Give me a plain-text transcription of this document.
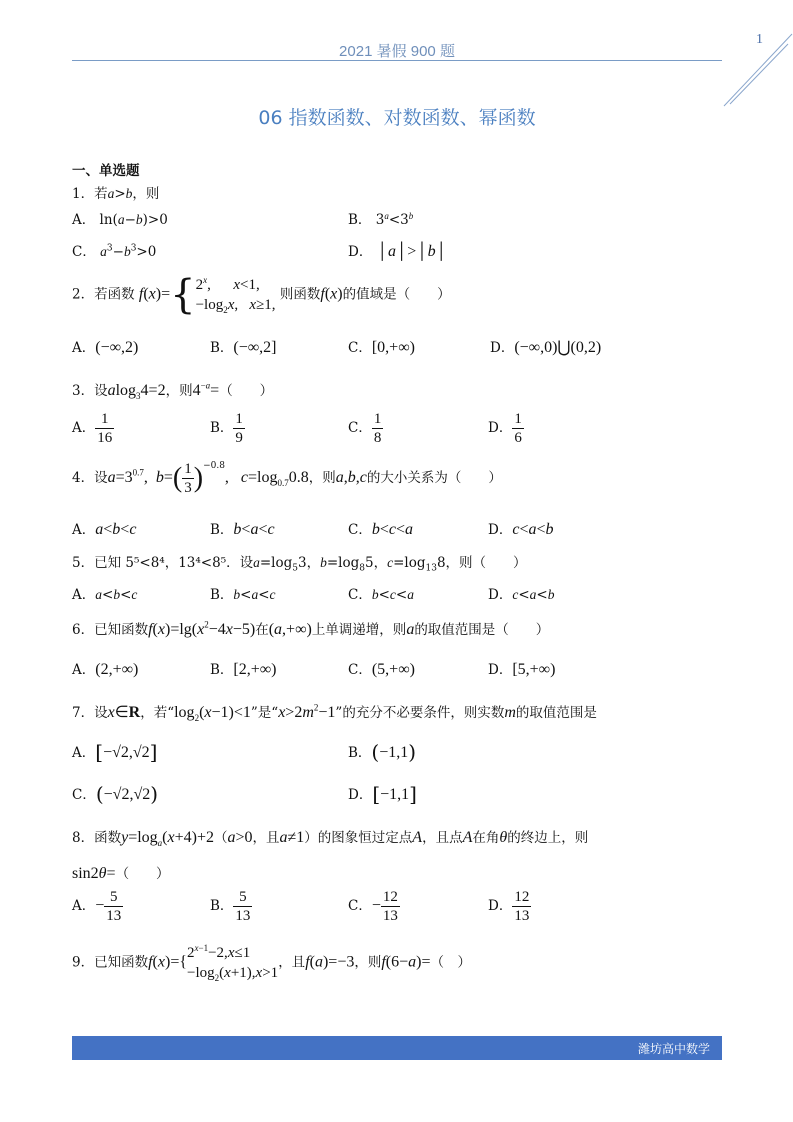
2021 暑假 900 题
1
06 指数函数、对数函数、幂函数
一、单选题
1．若a>b，则
A． ln(a−b)>0	B． $3^a<3^b$
C． $a^3-b^3>0$	D． │a│>│b│
2．若函数 $f(x)=\{2^x$,      x<1,
$-\log_2x$,   x≥1, 则函数f(x)的值域是（　　）
A．(−∞,2)	B．(−∞,2]	C．[0,+∞)	D．(−∞,0)⋃(0,2)
3．设alog$_3$4=2，则$4^{-a}=$（　　）
A． $\frac{1}{16}$	B． $\frac{1}{9}$	C． $\frac{1}{8}$	D． $\frac{1}{6}$
4．设$a=3^{0.7}$,  $b=( \frac{1}{3} )^{-0.8}$,   $c=\log_{0.7}0.8$，则a,b,c的大小关系为（　　）
A．a<b<c	B．b<a<c	C．b<c<a	D．c<a<b
5．已知 5⁵<8⁴，13⁴<8⁵．设$a=\log_53$，$b=\log_85$，$c=\log_{13}8$，则（　　）
A．a<b<c	B．b<a<c	C．b<c<a	D．c<a<b
6．已知函数$f(x)=\lg(x^2-4x-5)$在(a,+∞)上单调递增，则a的取值范围是（　　）
A．(2,+∞)	B．[2,+∞)	C．(5,+∞)	D．[5,+∞)
7．设x∈R，若“$\log_2(x-1)<1$”是“$x>2m^2-1$”的充分不必要条件，则实数m的取值范围是
A．[−√2,√2]	B．(−1,1)
C．(−√2,√2)	D．[−1,1]
8．函数$y=\log_a(x+4)+2(a>0$，且a≠1）的图象恒过定点A，且点A在角θ的终边上，则
sin2θ=（　　）
A．− $\frac{5}{13}$	B． $\frac{5}{13}$	C．− $\frac{12}{13}$	D． $\frac{12}{13}$
9．已知函数$f(x)=\{2^{x-1}-2,x\le 1$
$-\log_2(x+1),x>1$，且f(a)=−3，则f(6−a)=（　）
潍坊高中数学
